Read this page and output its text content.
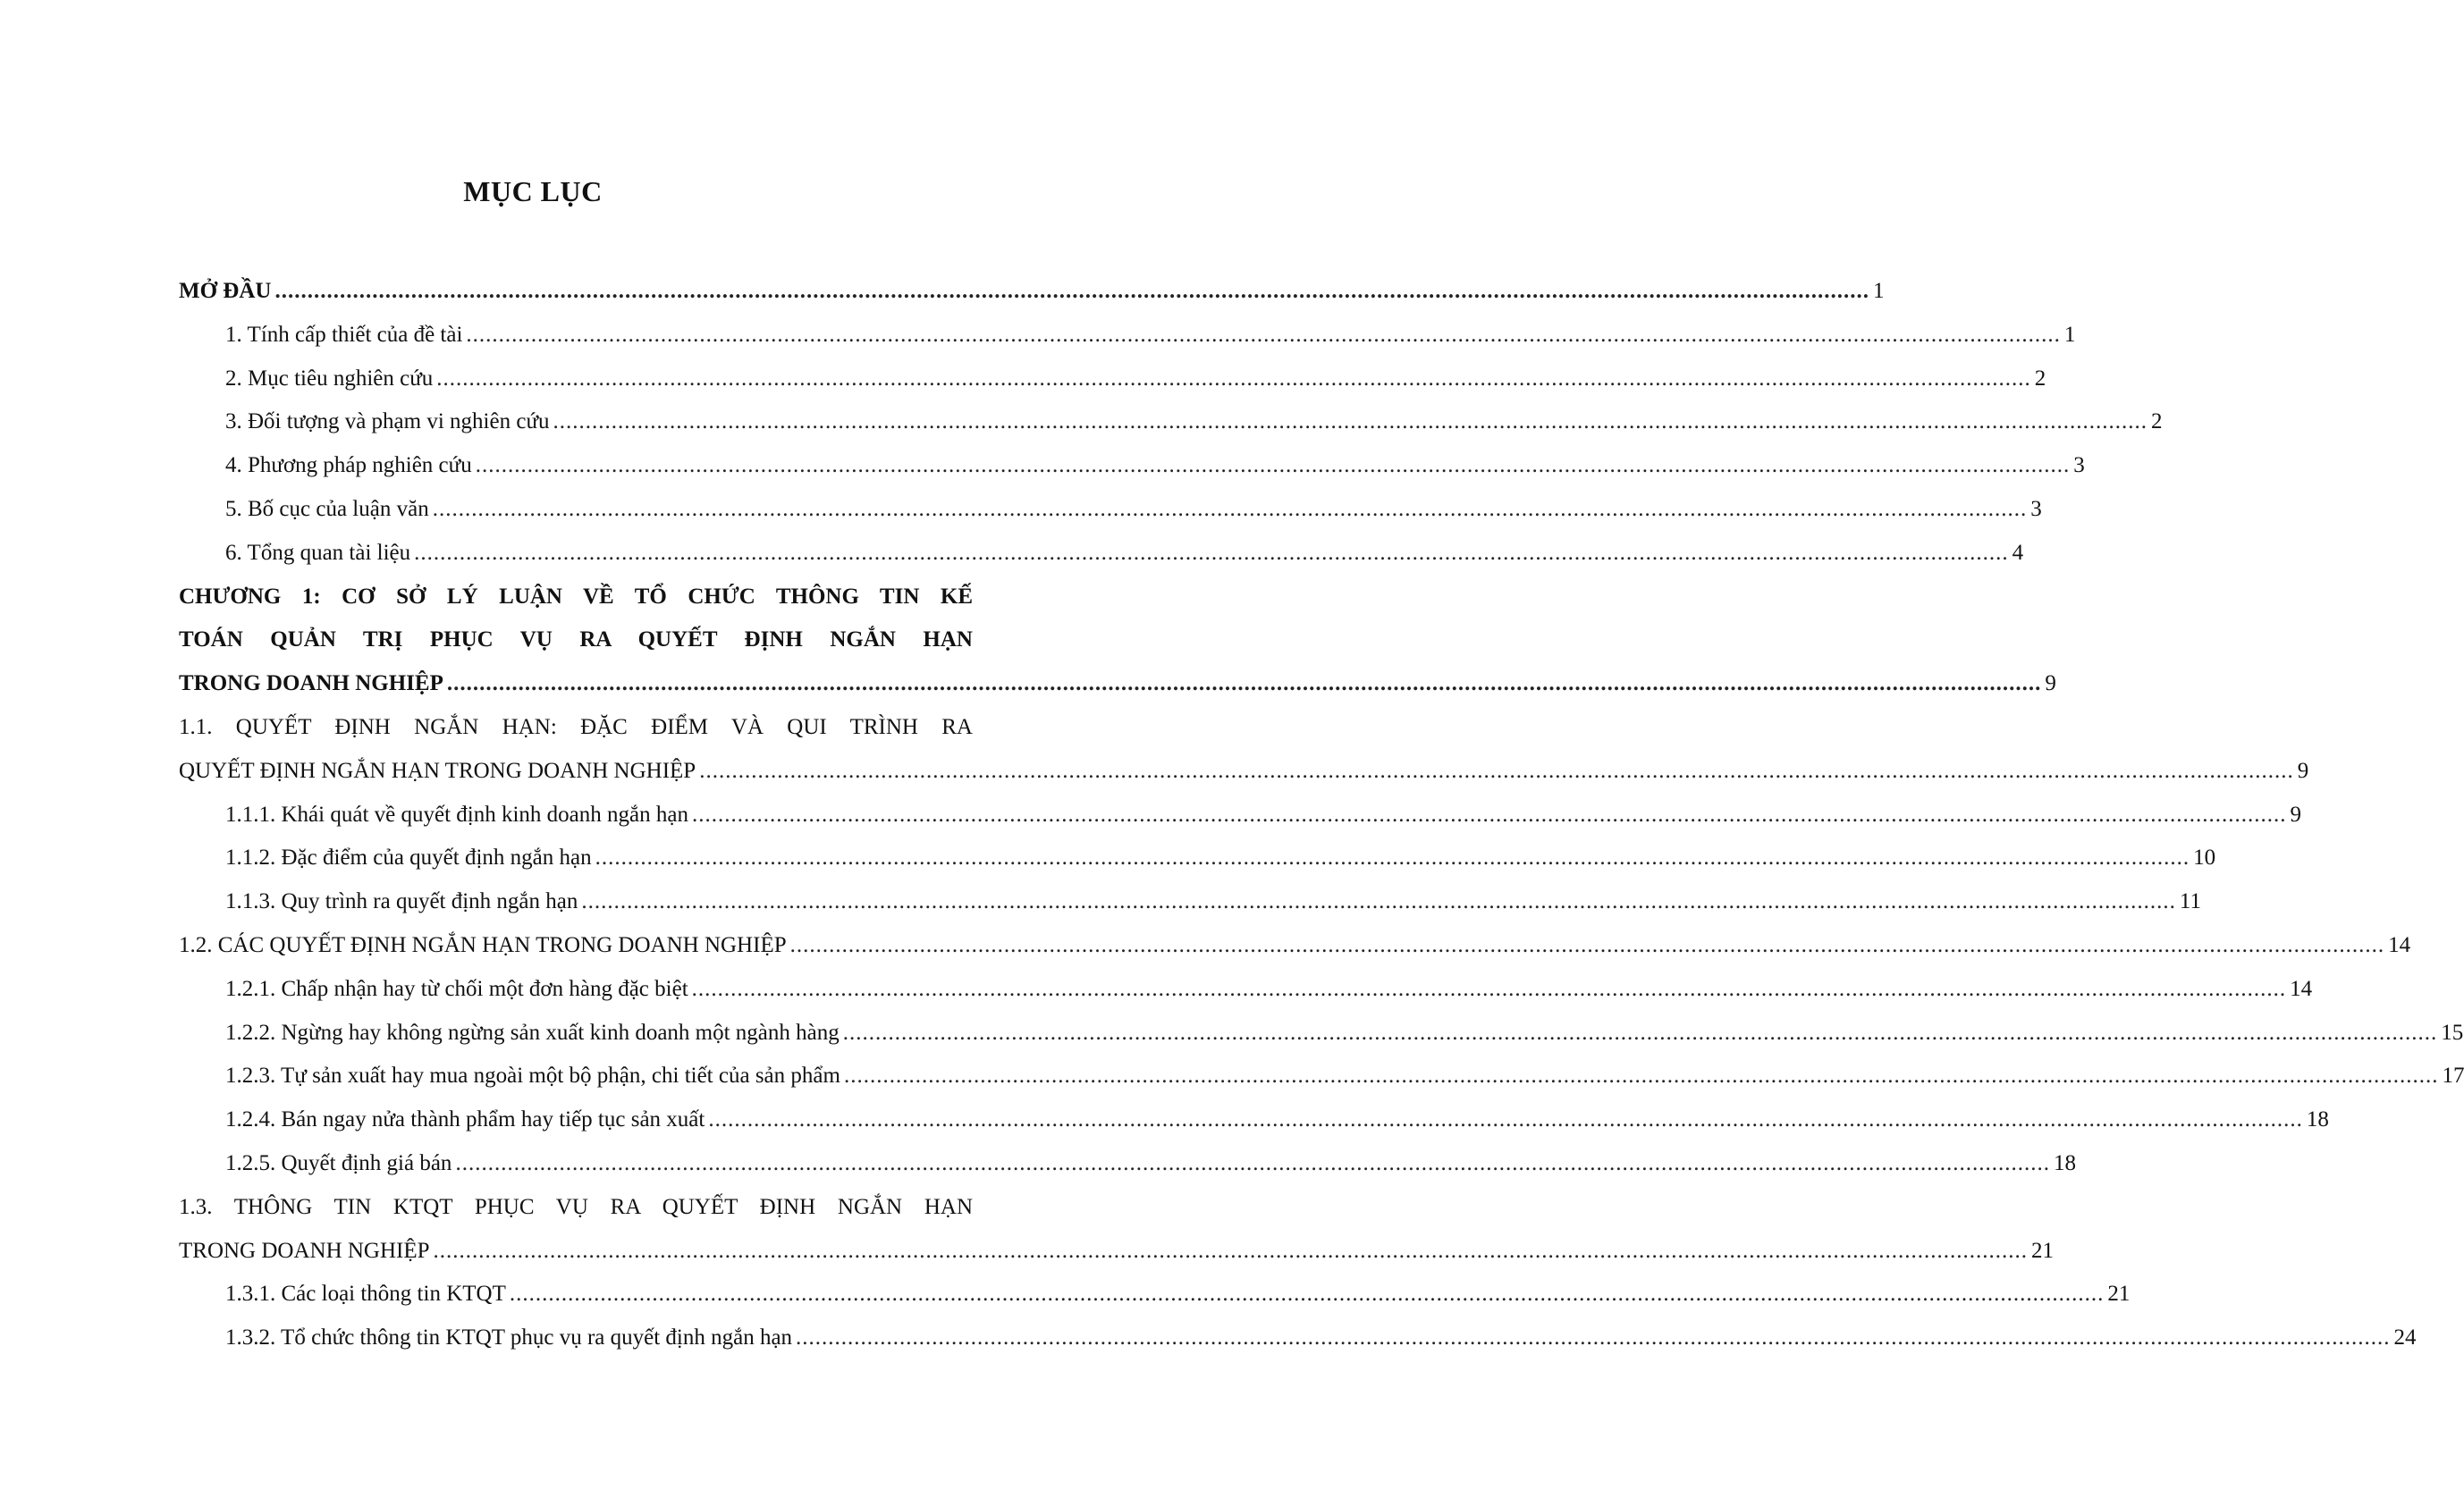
MỤC LỤC
MỞ ĐẦU .....	1
1. Tính cấp thiết của đề tài .....	1
2. Mục tiêu nghiên cứu .....	2
3. Đối tượng và phạm vi nghiên cứu .....	2
4. Phương pháp nghiên cứu .....	3
5. Bố cục của luận văn .....	3
6. Tổng quan tài liệu .....	4
CHƯƠNG 1: CƠ SỞ LÝ LUẬN VỀ TỔ CHỨC THÔNG TIN KẾ
TOÁN QUẢN TRỊ PHỤC VỤ RA QUYẾT ĐỊNH NGẮN HẠN
TRONG DOANH NGHIỆP .....	9
1.1. QUYẾT ĐỊNH NGẮN HẠN: ĐẶC ĐIỂM VÀ QUI TRÌNH RA
QUYẾT ĐỊNH NGẮN HẠN TRONG DOANH NGHIỆP .....	9
1.1.1. Khái quát về quyết định kinh doanh ngắn hạn .....	9
1.1.2. Đặc điểm của quyết định ngắn hạn .....	10
1.1.3. Quy trình ra quyết định ngắn hạn .....	11
1.2. CÁC QUYẾT ĐỊNH NGẮN HẠN TRONG DOANH NGHIỆP .....	14
1.2.1. Chấp nhận hay từ chối một đơn hàng đặc biệt .....	14
1.2.2. Ngừng hay không ngừng sản xuất kinh doanh một ngành hàng .....	15
1.2.3. Tự sản xuất hay mua ngoài một bộ phận, chi tiết của sản phẩm .....	17
1.2.4. Bán ngay nửa thành phẩm hay tiếp tục sản xuất .....	18
1.2.5. Quyết định giá bán .....	18
1.3. THÔNG TIN KTQT PHỤC VỤ RA QUYẾT ĐỊNH NGẮN HẠN
TRONG DOANH NGHIỆP .....	21
1.3.1. Các loại thông tin KTQT .....	21
1.3.2. Tổ chức thông tin KTQT phục vụ ra quyết định ngắn hạn .....	24
